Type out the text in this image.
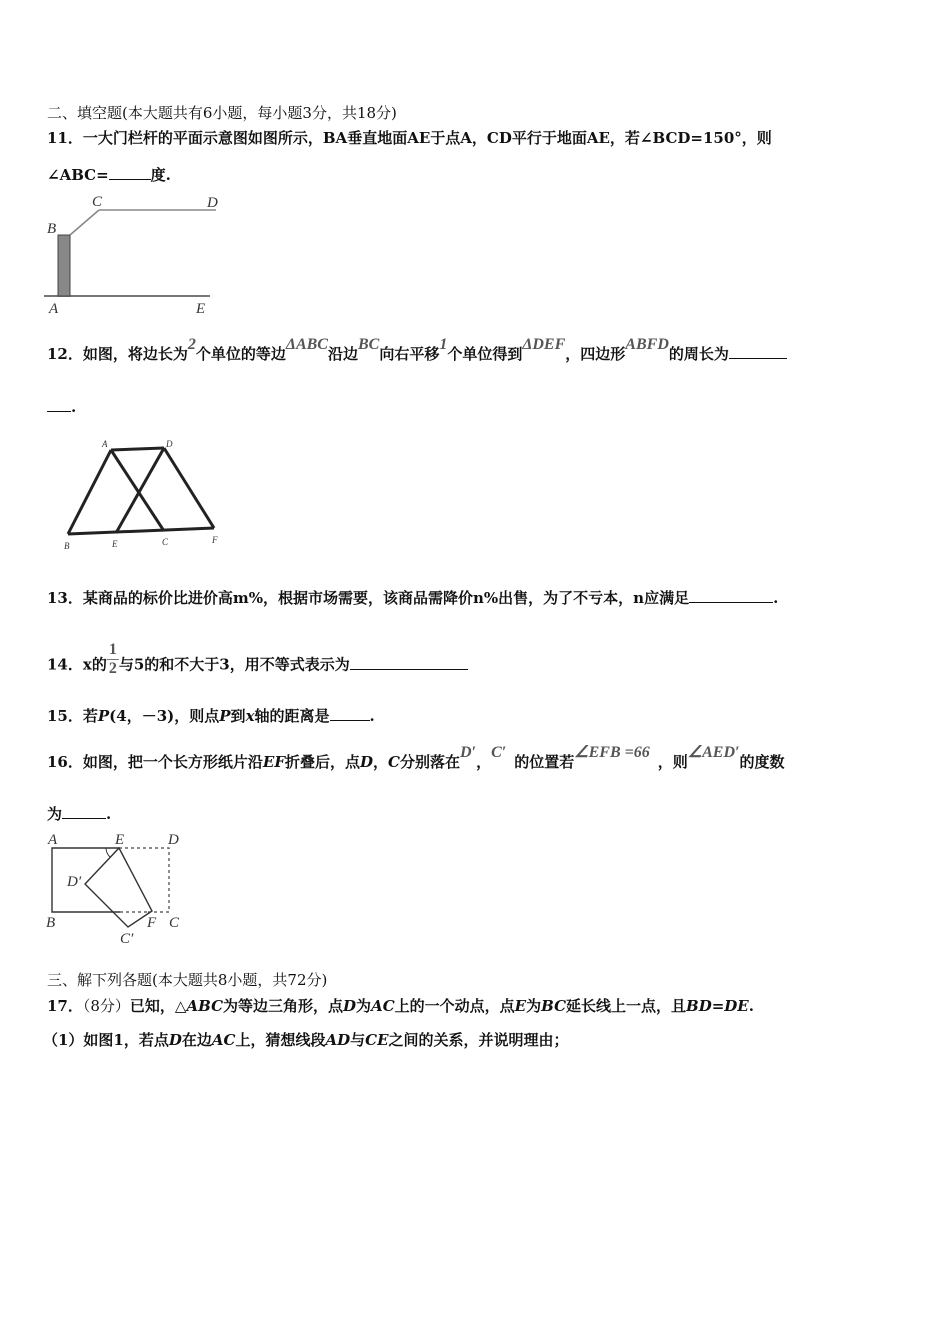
二、填空题(本大题共有6小题，每小题3分，共18分)
11．一大门栏杆的平面示意图如图所示，BA垂直地面AE于点A，CD平行于地面AE，若∠BCD=150°，则
∠ABC=	度.
B
C	D
A	E
12．如图，将边长为2个单位的等边ΔABC沿边BC向右平移1个单位得到ΔDEF，四边形ABFD的周长为
.
A	D
B	E	C	F
13．某商品的标价比进价高m%，根据市场需要，该商品需降价n%出售，为了不亏本，n应满足	.
14．x的 $\frac{1}{2}$ 与5的和不大于3，用不等式表示为
15．若P(4，－3)，则点P到x轴的距离是	.
16．如图，把一个长方形纸片沿EF折叠后，点D，C分别落在D′，C′的位置若∠EFB =66，则∠AED′的度数
为	.
A	E	D
D′
B	F C
C′
三、解下列各题(本大题共8小题，共72分)
17．（8分）已知，△ABC为等边三角形，点D为AC上的一个动点，点E为BC延长线上一点，且BD=DE.
（1）如图1，若点D在边AC上，猜想线段AD与CE之间的关系，并说明理由；
